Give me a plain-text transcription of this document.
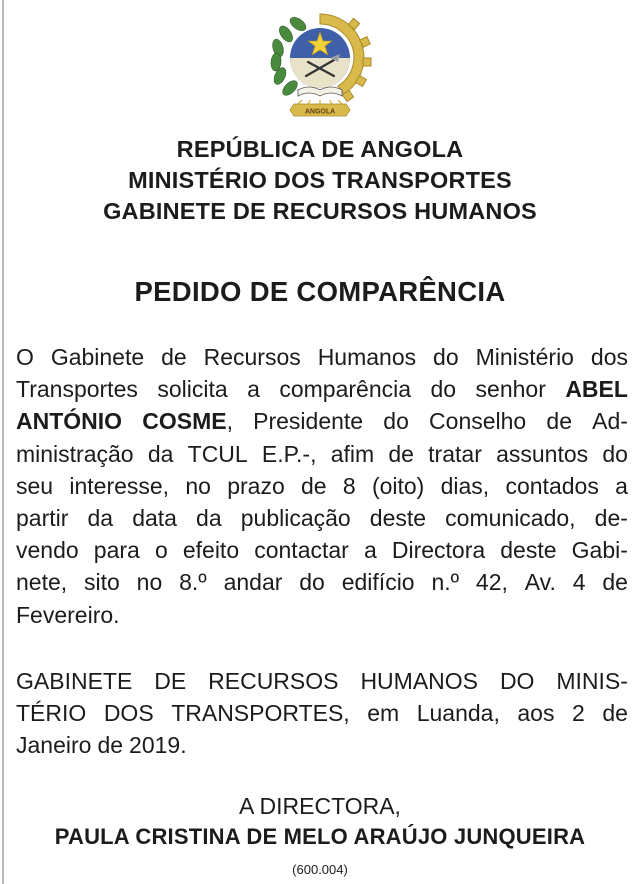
ANGOLA
REPÚBLICA DE ANGOLA
MINISTÉRIO DOS TRANSPORTES
GABINETE DE RECURSOS HUMANOS
PEDIDO DE COMPARÊNCIA
O Gabinete de Recursos Humanos do Ministério dos
Transportes solicita a comparência do senhor ABEL
ANTÓNIO COSME, Presidente do Conselho de Ad-
ministração da TCUL E.P.-, afim de tratar assuntos do
seu interesse, no prazo de 8 (oito) dias, contados a
partir da data da publicação deste comunicado, de-
vendo para o efeito contactar a Directora deste Gabi-
nete, sito no 8.º andar do edifício n.º 42, Av. 4 de
Fevereiro.
GABINETE DE RECURSOS HUMANOS DO MINIS-
TÉRIO DOS TRANSPORTES, em Luanda, aos 2 de
Janeiro de 2019.
A DIRECTORA,
PAULA CRISTINA DE MELO ARAÚJO JUNQUEIRA
(600.004)
